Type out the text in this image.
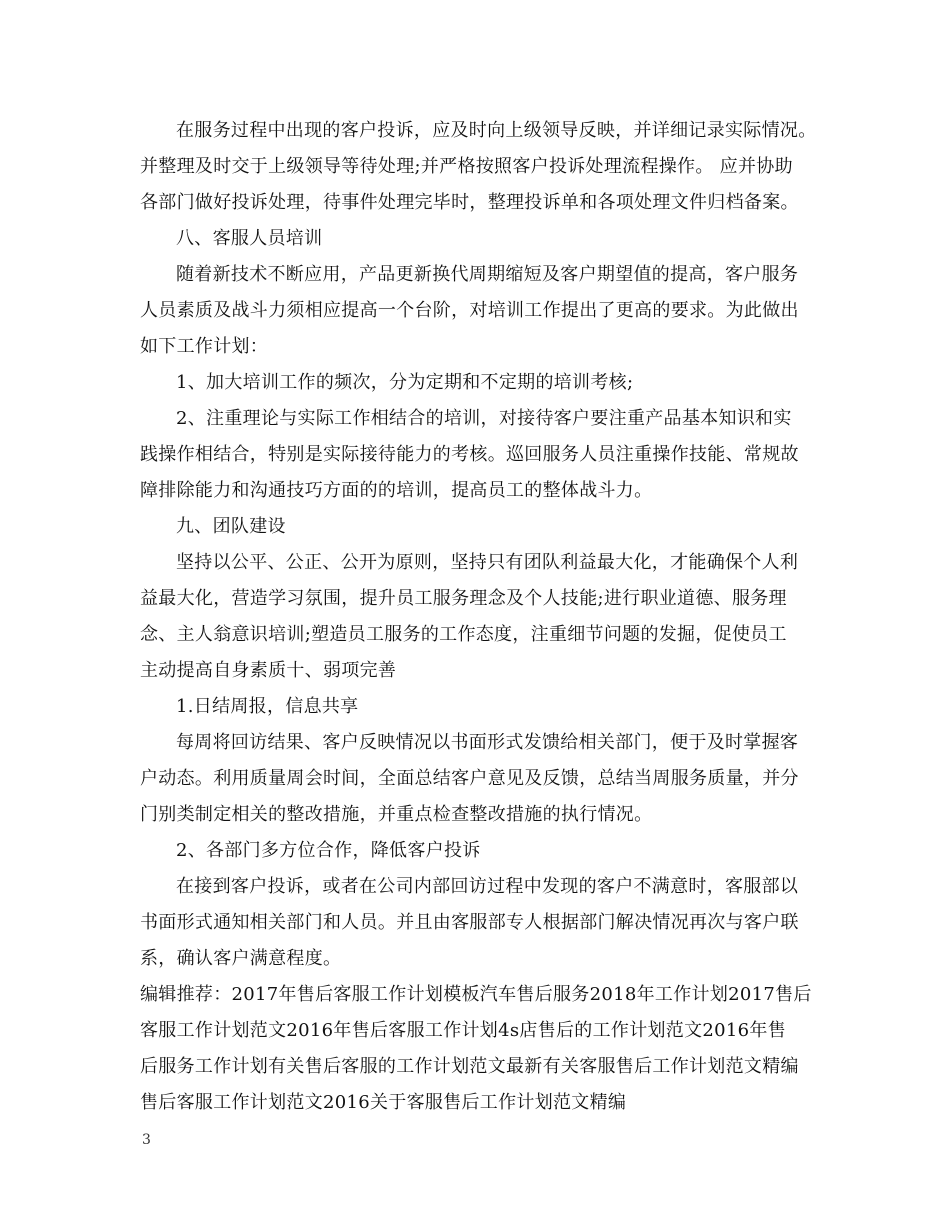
在服务过程中出现的客户投诉，应及时向上级领导反映，并详细记录实际情况。
并整理及时交于上级领导等待处理;并严格按照客户投诉处理流程操作。 应并协助
各部门做好投诉处理，待事件处理完毕时，整理投诉单和各项处理文件归档备案。
八、客服人员培训
随着新技术不断应用，产品更新换代周期缩短及客户期望值的提高，客户服务
人员素质及战斗力须相应提高一个台阶，对培训工作提出了更高的要求。为此做出
如下工作计划：
1、加大培训工作的频次，分为定期和不定期的培训考核;
2、注重理论与实际工作相结合的培训，对接待客户要注重产品基本知识和实
践操作相结合，特别是实际接待能力的考核。巡回服务人员注重操作技能、常规故
障排除能力和沟通技巧方面的的培训，提高员工的整体战斗力。
九、团队建设
坚持以公平、公正、公开为原则，坚持只有团队利益最大化，才能确保个人利
益最大化，营造学习氛围，提升员工服务理念及个人技能;进行职业道德、服务理
念、主人翁意识培训;塑造员工服务的工作态度，注重细节问题的发掘，促使员工
主动提高自身素质十、弱项完善
1.日结周报，信息共享
每周将回访结果、客户反映情况以书面形式发馈给相关部门，便于及时掌握客
户动态。利用质量周会时间，全面总结客户意见及反馈，总结当周服务质量，并分
门别类制定相关的整改措施，并重点检查整改措施的执行情况。
2、各部门多方位合作，降低客户投诉
在接到客户投诉，或者在公司内部回访过程中发现的客户不满意时，客服部以
书面形式通知相关部门和人员。并且由客服部专人根据部门解决情况再次与客户联
系，确认客户满意程度。
编辑推荐：2017年售后客服工作计划模板汽车售后服务2018年工作计划2017售后
客服工作计划范文2016年售后客服工作计划4s店售后的工作计划范文2016年售
后服务工作计划有关售后客服的工作计划范文最新有关客服售后工作计划范文精编
售后客服工作计划范文2016关于客服售后工作计划范文精编
3
